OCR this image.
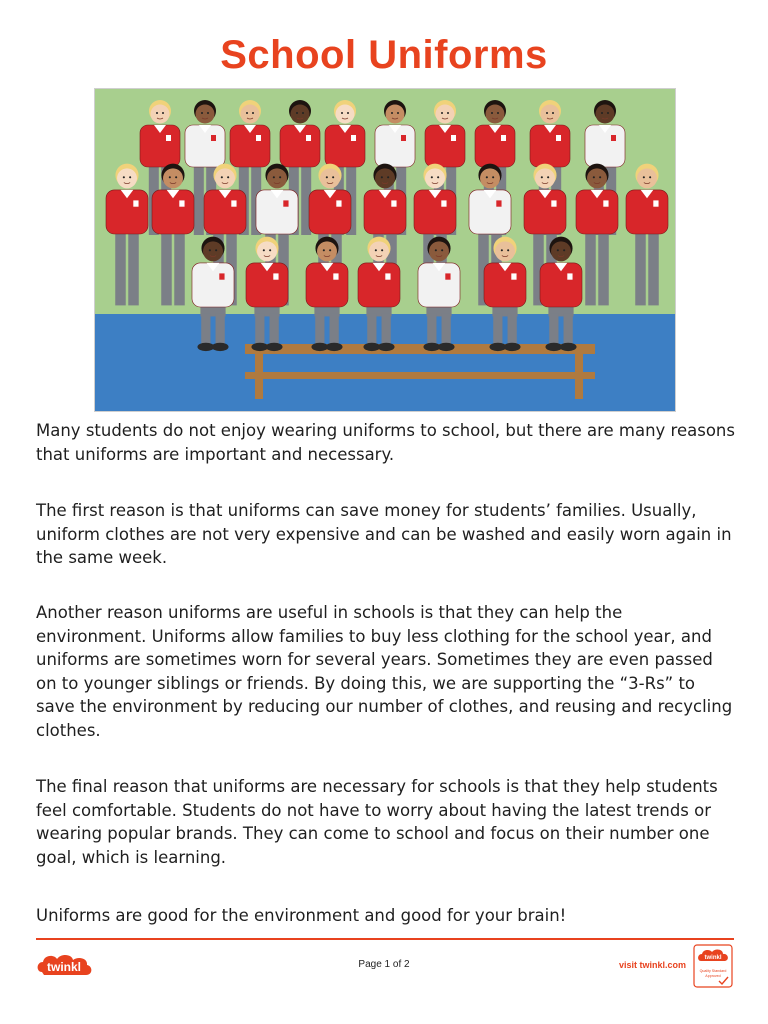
School Uniforms

Many students do not enjoy wearing uniforms to school, but there are many reasons that uniforms are important and necessary.

The first reason is that uniforms can save money for students’ families. Usually, uniform clothes are not very expensive and can be washed and easily worn again in the same week.

Another reason uniforms are useful in schools is that they can help the environment. Uniforms allow families to buy less clothing for the school year, and uniforms are sometimes worn for several years. Sometimes they are even passed on to younger siblings or friends. By doing this, we are supporting the “3-Rs” to save the environment by reducing our number of clothes, and reusing and recycling clothes.

The final reason that uniforms are necessary for schools is that they help students feel comfortable. Students do not have to worry about having the latest trends or wearing popular brands. They can come to school and focus on their number one goal, which is learning.

Uniforms are good for the environment and good for your brain!

twinkl	Page 1 of 2	visit twinkl.com
twinkl
Quality Standard
Approved
